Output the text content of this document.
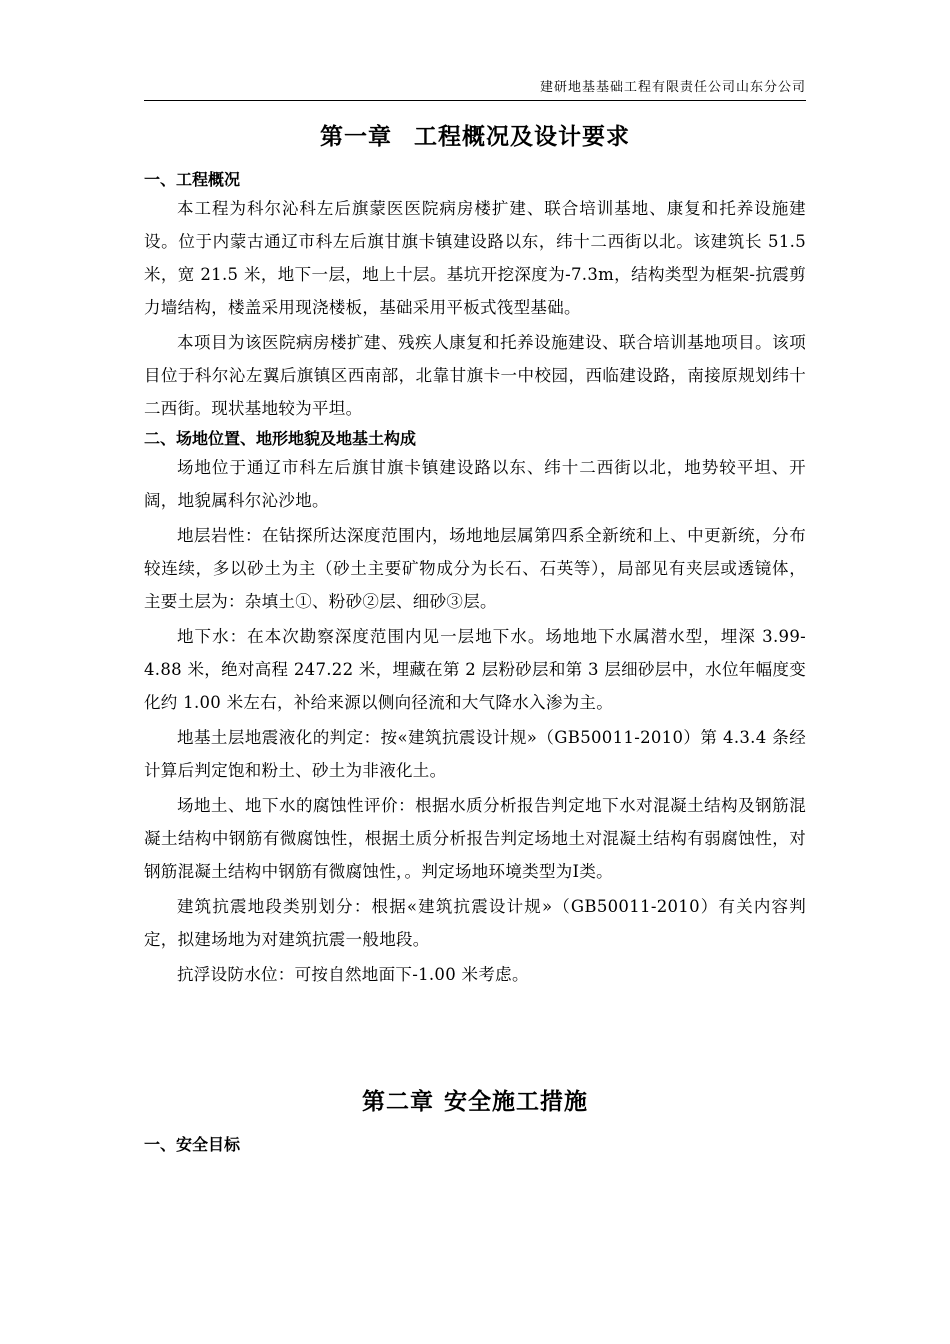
建研地基基础工程有限责任公司山东分公司
第一章 工程概况及设计要求

一、工程概况

本工程为科尔沁科左后旗蒙医医院病房楼扩建、联合培训基地、康复和托养设施建设。位于内蒙古通辽市科左后旗甘旗卡镇建设路以东，纬十二西街以北。该建筑长 51.5 米，宽 21.5 米，地下一层，地上十层。基坑开挖深度为-7.3m，结构类型为框架-抗震剪力墙结构，楼盖采用现浇楼板，基础采用平板式筏型基础。

本项目为该医院病房楼扩建、残疾人康复和托养设施建设、联合培训基地项目。该项目位于科尔沁左翼后旗镇区西南部，北靠甘旗卡一中校园，西临建设路，南接原规划纬十二西街。现状基地较为平坦。

二、场地位置、地形地貌及地基土构成

场地位于通辽市科左后旗甘旗卡镇建设路以东、纬十二西街以北，地势较平坦、开阔，地貌属科尔沁沙地。

地层岩性：在钻探所达深度范围内，场地地层属第四系全新统和上、中更新统，分布较连续，多以砂土为主（砂土主要矿物成分为长石、石英等），局部见有夹层或透镜体，主要土层为：杂填土①、粉砂②层、细砂③层。

地下水：在本次勘察深度范围内见一层地下水。场地地下水属潜水型，埋深 3.99-4.88 米，绝对高程 247.22 米，埋藏在第 2 层粉砂层和第 3 层细砂层中，水位年幅度变化约 1.00 米左右，补给来源以侧向径流和大气降水入渗为主。

地基土层地震液化的判定：按«建筑抗震设计规»（GB50011-2010）第 4.3.4 条经计算后判定饱和粉土、砂土为非液化土。

场地土、地下水的腐蚀性评价：根据水质分析报告判定地下水对混凝土结构及钢筋混凝土结构中钢筋有微腐蚀性，根据土质分析报告判定场地土对混凝土结构有弱腐蚀性，对钢筋混凝土结构中钢筋有微腐蚀性，。判定场地环境类型为Ⅰ类。

建筑抗震地段类别划分：根据«建筑抗震设计规»（GB50011-2010）有关内容判定，拟建场地为对建筑抗震一般地段。

抗浮设防水位：可按自然地面下-1.00 米考虑。

第二章 安全施工措施

一、安全目标
